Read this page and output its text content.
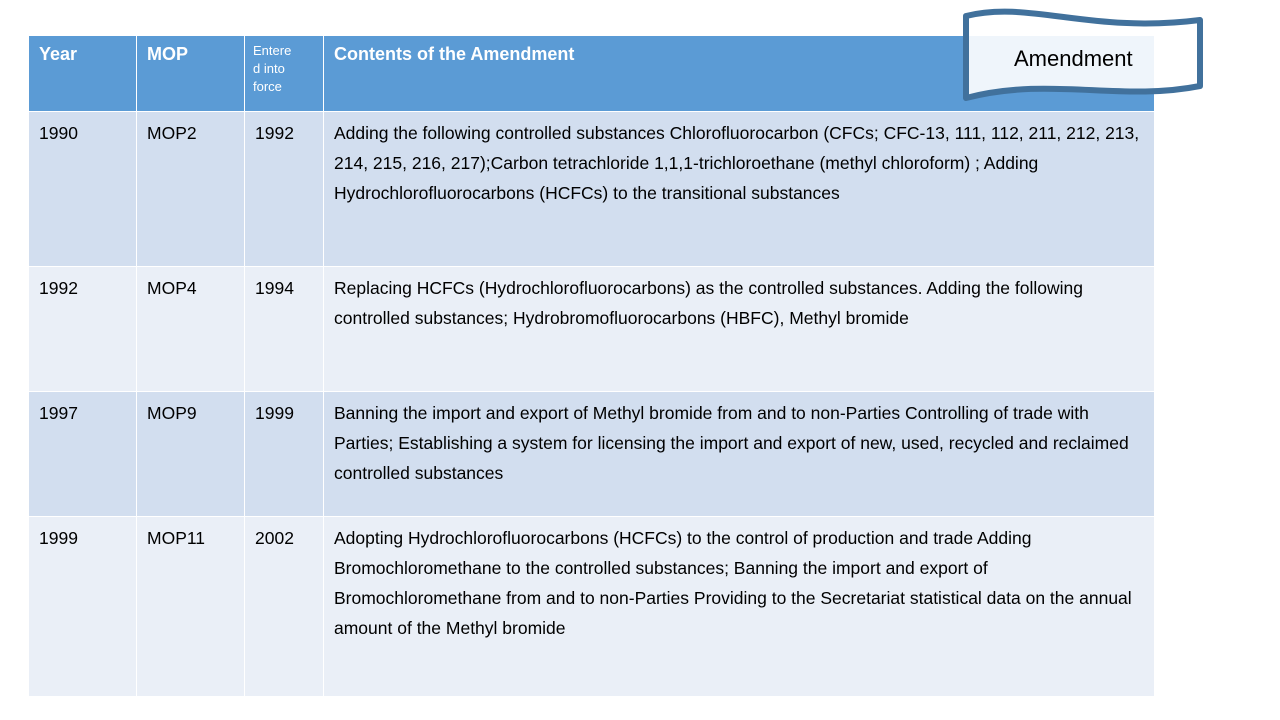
Year	MOP	Entere
d into
force	Contents of the Amendment
1990	MOP2	1992	Adding the following controlled substances Chlorofluorocarbon (CFCs; CFC-13, 111, 112, 211, 212, 213, 214, 215, 216, 217);Carbon tetrachloride 1,1,1-trichloroethane (methyl chloroform) ; Adding Hydrochlorofluorocarbons (HCFCs) to the transitional substances
1992	MOP4	1994	Replacing HCFCs (Hydrochlorofluorocarbons) as the controlled substances. Adding the following controlled substances; Hydrobromofluorocarbons (HBFC), Methyl bromide
1997	MOP9	1999	Banning the import and export of Methyl bromide from and to non-Parties Controlling of trade with Parties; Establishing a system for licensing the import and export of new, used, recycled and reclaimed controlled substances
1999	MOP11	2002	Adopting Hydrochlorofluorocarbons (HCFCs) to the control of production and trade Adding Bromochloromethane to the controlled substances; Banning the import and export of Bromochloromethane from and to non-Parties Providing to the Secretariat statistical data on the annual amount of the Methyl bromide
Amendment
